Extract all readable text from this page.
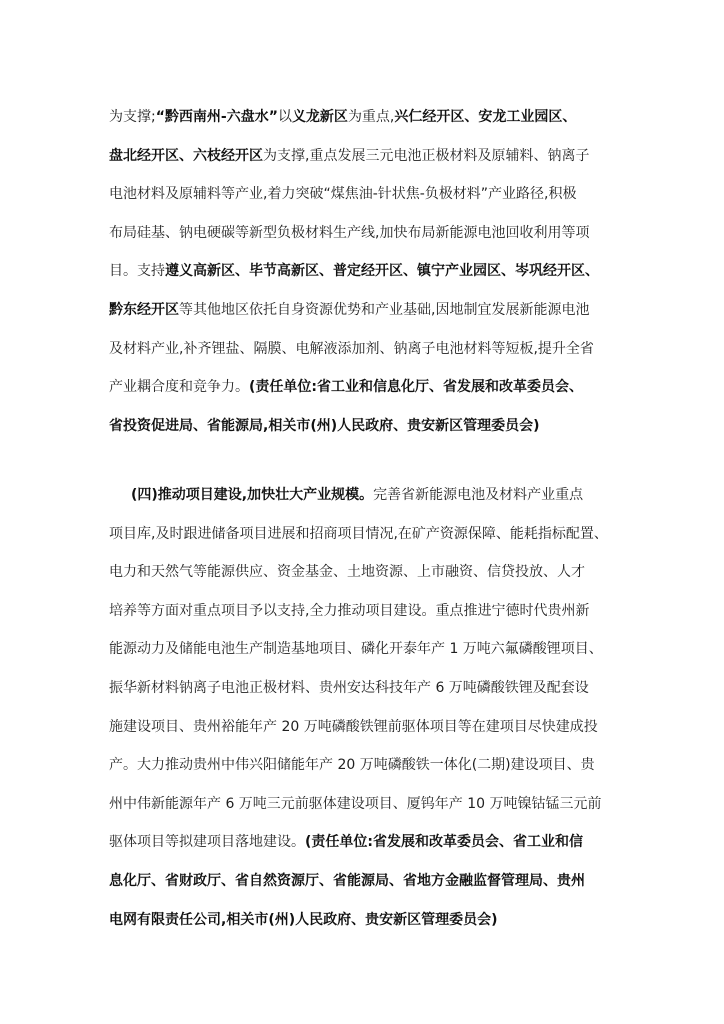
为支撑;“黔西南州-六盘水”以义龙新区为重点,兴仁经开区、安龙工业园区、
盘北经开区、六枝经开区为支撑,重点发展三元电池正极材料及原辅料、钠离子
电池材料及原辅料等产业,着力突破“煤焦油-针状焦-负极材料”产业路径,积极
布局硅基、钠电硬碳等新型负极材料生产线,加快布局新能源电池回收利用等项
目。支持遵义高新区、毕节高新区、普定经开区、镇宁产业园区、岑巩经开区、
黔东经开区等其他地区依托自身资源优势和产业基础,因地制宜发展新能源电池
及材料产业,补齐锂盐、隔膜、电解液添加剂、钠离子电池材料等短板,提升全省
产业耦合度和竞争力。(责任单位:省工业和信息化厅、省发展和改革委员会、
省投资促进局、省能源局,相关市(州)人民政府、贵安新区管理委员会)
(四)推动项目建设,加快壮大产业规模。完善省新能源电池及材料产业重点
项目库,及时跟进储备项目进展和招商项目情况,在矿产资源保障、能耗指标配置、
电力和天然气等能源供应、资金基金、土地资源、上市融资、信贷投放、人才
培养等方面对重点项目予以支持,全力推动项目建设。重点推进宁德时代贵州新
能源动力及储能电池生产制造基地项目、磷化开泰年产 1 万吨六氟磷酸锂项目、
振华新材料钠离子电池正极材料、贵州安达科技年产 6 万吨磷酸铁锂及配套设
施建设项目、贵州裕能年产 20 万吨磷酸铁锂前驱体项目等在建项目尽快建成投
产。大力推动贵州中伟兴阳储能年产 20 万吨磷酸铁一体化(二期)建设项目、贵
州中伟新能源年产 6 万吨三元前驱体建设项目、厦钨年产 10 万吨镍钴锰三元前
驱体项目等拟建项目落地建设。(责任单位:省发展和改革委员会、省工业和信
息化厅、省财政厅、省自然资源厅、省能源局、省地方金融监督管理局、贵州
电网有限责任公司,相关市(州)人民政府、贵安新区管理委员会)
